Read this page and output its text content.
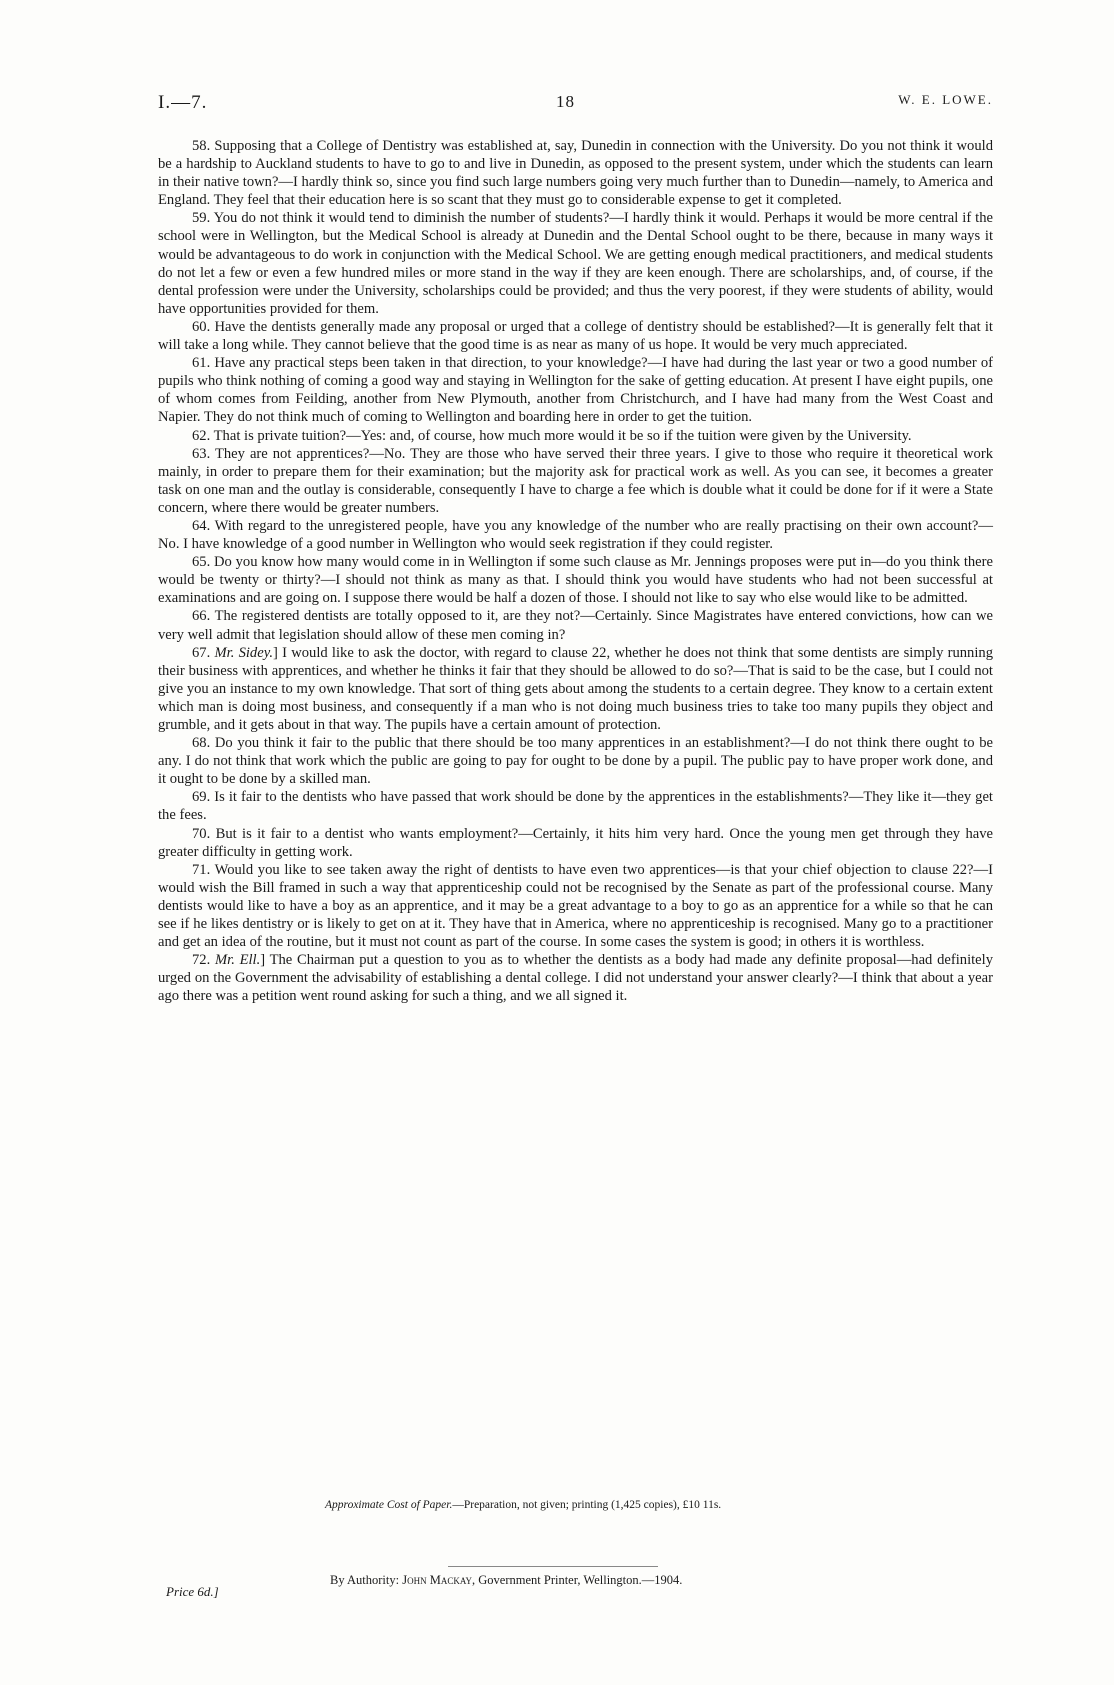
I.—7.	18	W. E. LOWE.

58. Supposing that a College of Dentistry was established at, say, Dunedin in connection with the University. Do you not think it would be a hardship to Auckland students to have to go to and live in Dunedin, as opposed to the present system, under which the students can learn in their native town?—I hardly think so, since you find such large numbers going very much further than to Dunedin—namely, to America and England. They feel that their education here is so scant that they must go to considerable expense to get it completed.

59. You do not think it would tend to diminish the number of students?—I hardly think it would. Perhaps it would be more central if the school were in Wellington, but the Medical School is already at Dunedin and the Dental School ought to be there, because in many ways it would be advantageous to do work in conjunction with the Medical School. We are getting enough medical practitioners, and medical students do not let a few or even a few hundred miles or more stand in the way if they are keen enough. There are scholarships, and, of course, if the dental profession were under the University, scholarships could be provided; and thus the very poorest, if they were students of ability, would have opportunities provided for them.

60. Have the dentists generally made any proposal or urged that a college of dentistry should be established?—It is generally felt that it will take a long while. They cannot believe that the good time is as near as many of us hope. It would be very much appreciated.

61. Have any practical steps been taken in that direction, to your knowledge?—I have had during the last year or two a good number of pupils who think nothing of coming a good way and staying in Wellington for the sake of getting education. At present I have eight pupils, one of whom comes from Feilding, another from New Plymouth, another from Christchurch, and I have had many from the West Coast and Napier. They do not think much of coming to Wellington and boarding here in order to get the tuition.

62. That is private tuition?—Yes: and, of course, how much more would it be so if the tuition were given by the University.

63. They are not apprentices?—No. They are those who have served their three years. I give to those who require it theoretical work mainly, in order to prepare them for their examination; but the majority ask for practical work as well. As you can see, it becomes a greater task on one man and the outlay is considerable, consequently I have to charge a fee which is double what it could be done for if it were a State concern, where there would be greater numbers.

64. With regard to the unregistered people, have you any knowledge of the number who are really practising on their own account?—No. I have knowledge of a good number in Wellington who would seek registration if they could register.

65. Do you know how many would come in in Wellington if some such clause as Mr. Jennings proposes were put in—do you think there would be twenty or thirty?—I should not think as many as that. I should think you would have students who had not been successful at examinations and are going on. I suppose there would be half a dozen of those. I should not like to say who else would like to be admitted.

66. The registered dentists are totally opposed to it, are they not?—Certainly. Since Magistrates have entered convictions, how can we very well admit that legislation should allow of these men coming in?

67. Mr. Sidey.] I would like to ask the doctor, with regard to clause 22, whether he does not think that some dentists are simply running their business with apprentices, and whether he thinks it fair that they should be allowed to do so?—That is said to be the case, but I could not give you an instance to my own knowledge. That sort of thing gets about among the students to a certain degree. They know to a certain extent which man is doing most business, and consequently if a man who is not doing much business tries to take too many pupils they object and grumble, and it gets about in that way. The pupils have a certain amount of protection.

68. Do you think it fair to the public that there should be too many apprentices in an establishment?—I do not think there ought to be any. I do not think that work which the public are going to pay for ought to be done by a pupil. The public pay to have proper work done, and it ought to be done by a skilled man.

69. Is it fair to the dentists who have passed that work should be done by the apprentices in the establishments?—They like it—they get the fees.

70. But is it fair to a dentist who wants employment?—Certainly, it hits him very hard. Once the young men get through they have greater difficulty in getting work.

71. Would you like to see taken away the right of dentists to have even two apprentices—is that your chief objection to clause 22?—I would wish the Bill framed in such a way that apprenticeship could not be recognised by the Senate as part of the professional course. Many dentists would like to have a boy as an apprentice, and it may be a great advantage to a boy to go as an apprentice for a while so that he can see if he likes dentistry or is likely to get on at it. They have that in America, where no apprenticeship is recognised. Many go to a practitioner and get an idea of the routine, but it must not count as part of the course. In some cases the system is good; in others it is worthless.

72. Mr. Ell.] The Chairman put a question to you as to whether the dentists as a body had made any definite proposal—had definitely urged on the Government the advisability of establishing a dental college. I did not understand your answer clearly?—I think that about a year ago there was a petition went round asking for such a thing, and we all signed it.

Approximate Cost of Paper.—Preparation, not given; printing (1,425 copies), £10 11s.
By Authority: John Mackay, Government Printer, Wellington.—1904.
Price 6d.]
